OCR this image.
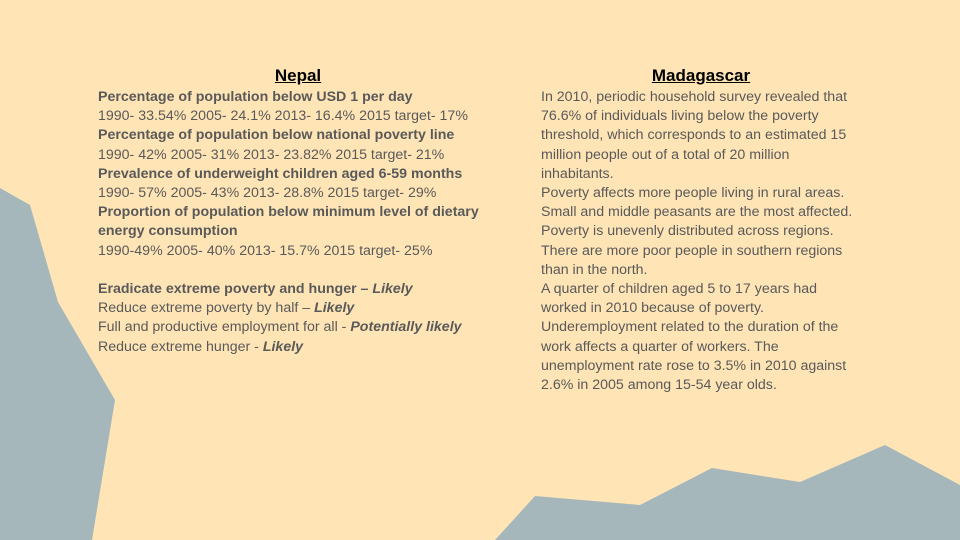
Nepal

Percentage of population below USD 1 per day

1990- 33.54% 2005- 24.1% 2013- 16.4% 2015 target- 17%

Percentage of population below national poverty line

1990- 42% 2005- 31% 2013- 23.82% 2015 target- 21%

Prevalence of underweight children aged 6-59 months

1990- 57% 2005- 43% 2013- 28.8% 2015 target- 29%

Proportion of population below minimum level of dietary energy consumption

1990-49% 2005- 40% 2013- 15.7% 2015 target- 25%

Eradicate extreme poverty and hunger – Likely

Reduce extreme poverty by half – Likely

Full and productive employment for all - Potentially likely

Reduce extreme hunger - Likely

Madagascar

In 2010, periodic household survey revealed that 76.6% of individuals living below the poverty threshold, which corresponds to an estimated 15 million people out of a total of 20 million inhabitants.

Poverty affects more people living in rural areas. Small and middle peasants are the most affected. Poverty is unevenly distributed across regions. There are more poor people in southern regions than in the north.

A quarter of children aged 5 to 17 years had worked in 2010 because of poverty.

Underemployment related to the duration of the work affects a quarter of workers. The unemployment rate rose to 3.5% in 2010 against 2.6% in 2005 among 15-54 year olds.
